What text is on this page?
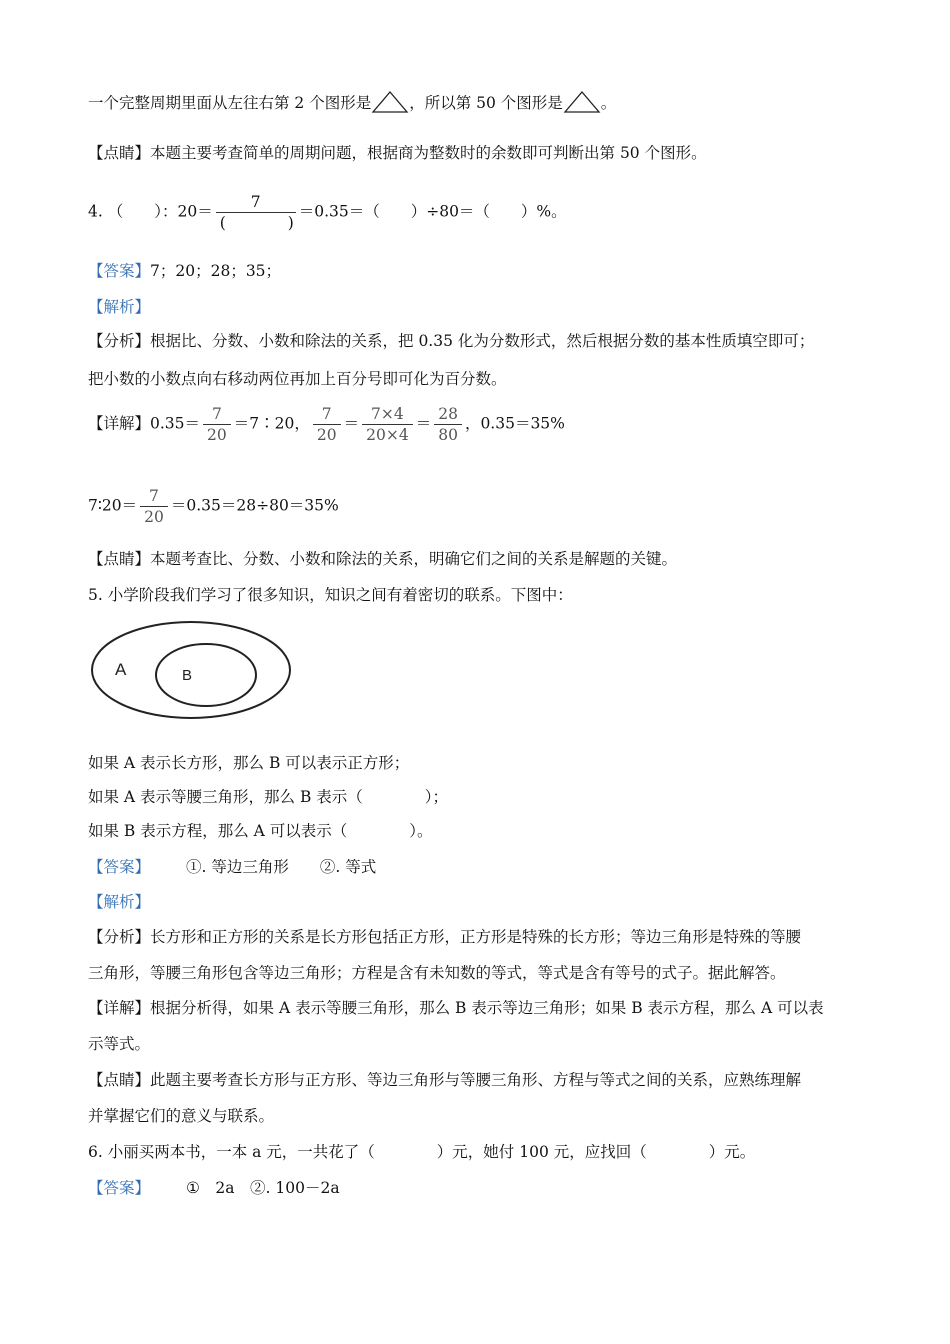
一个完整周期里面从左往右第 2 个图形是 ，所以第 50 个图形是 。
【点睛】本题主要考查简单的周期问题，根据商为整数时的余数即可判断出第 50 个图形。
4. （　　）：$20= \frac{7}{( )} =0.35=$（　　）÷80＝（　　）%。
【答案】7；20；28；35；
【解析】
【分析】根据比、分数、小数和除法的关系，把 0.35 化为分数形式，然后根据分数的基本性质填空即可；
把小数的小数点向右移动两位再加上百分号即可化为百分数。
【详解】$0.35= \frac{7}{20}$ ＝7∶20， $\frac{7}{20} = \frac{7\times 4}{20\times 4} = \frac{28}{80}$ ，0.35＝35%
7∶20＝ $\frac{7}{20} =0.35=28\div 80=35\%$
【点睛】本题考查比、分数、小数和除法的关系，明确它们之间的关系是解题的关键。
5. 小学阶段我们学习了很多知识，知识之间有着密切的联系。下图中：
A	B
如果 A 表示长方形，那么 B 可以表示正方形；
如果 A 表示等腰三角形，那么 B 表示（　　　　）；
如果 B 表示方程，那么 A 可以表示（　　　　）。
【答案】 ①. 等边三角形　　②. 等式
【解析】
【分析】长方形和正方形的关系是长方形包括正方形，正方形是特殊的长方形；等边三角形是特殊的等腰
三角形，等腰三角形包含等边三角形；方程是含有未知数的等式，等式是含有等号的式子。据此解答。
【详解】根据分析得，如果 A 表示等腰三角形，那么 B 表示等边三角形；如果 B 表示方程，那么 A 可以表
示等式。
【点睛】此题主要考查长方形与正方形、等边三角形与等腰三角形、方程与等式之间的关系，应熟练理解
并掌握它们的意义与联系。
6. 小丽买两本书，一本 a 元，一共花了（　　　　）元，她付 100 元，应找回（　　　　）元。
【答案】 ①　2a　②. 100－2a
